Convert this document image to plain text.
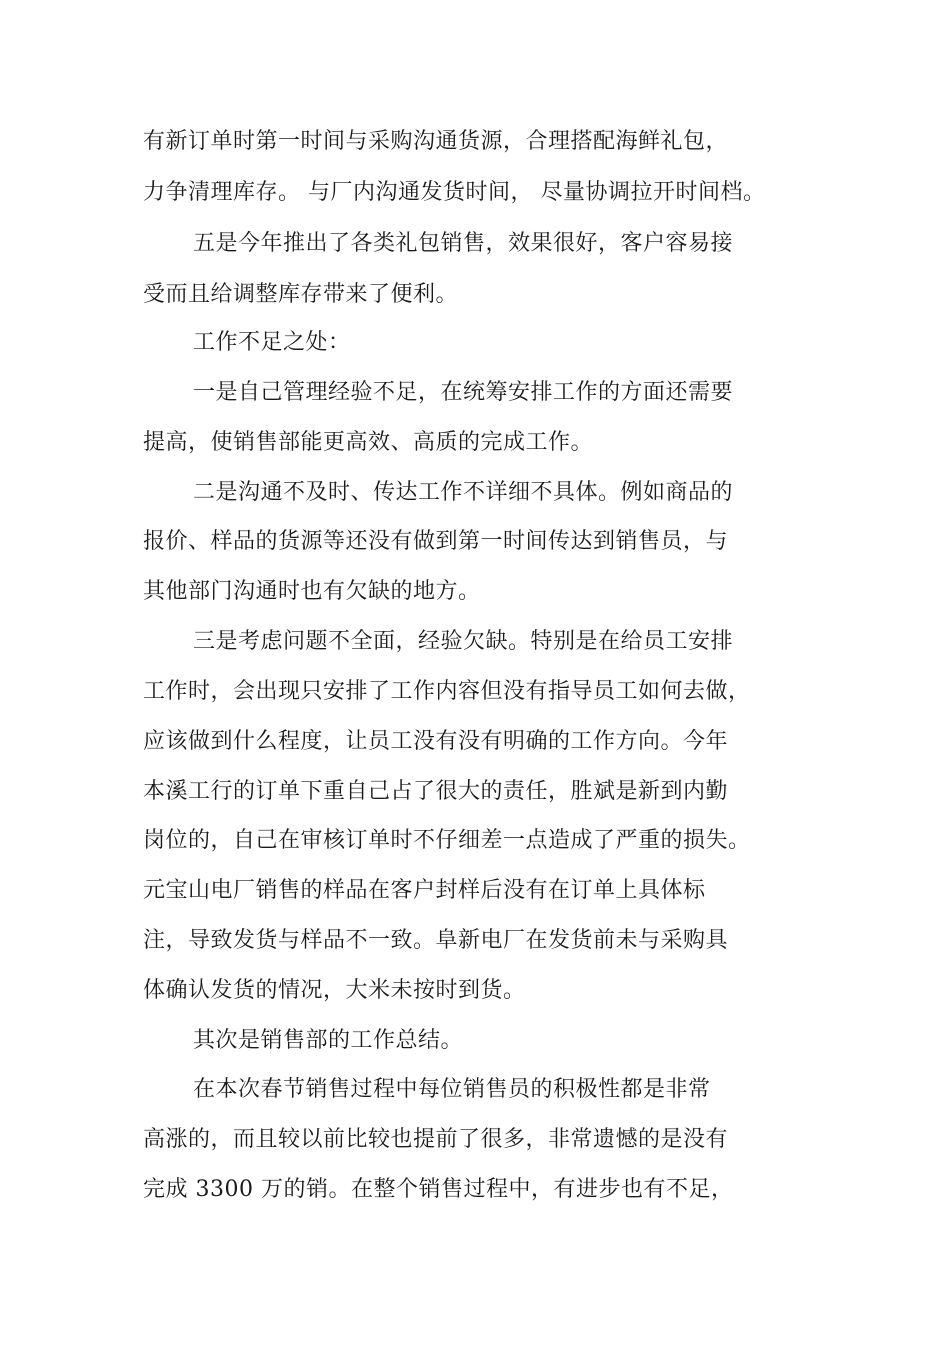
有新订单时第一时间与采购沟通货源，合理搭配海鲜礼包，
力争清理库存。 与厂内沟通发货时间， 尽量协调拉开时间档。
五是今年推出了各类礼包销售，效果很好，客户容易接
受而且给调整库存带来了便利。
工作不足之处：
一是自己管理经验不足，在统筹安排工作的方面还需要
提高，使销售部能更高效、高质的完成工作。
二是沟通不及时、传达工作不详细不具体。例如商品的
报价、样品的货源等还没有做到第一时间传达到销售员，与
其他部门沟通时也有欠缺的地方。
三是考虑问题不全面，经验欠缺。特别是在给员工安排
工作时，会出现只安排了工作内容但没有指导员工如何去做，
应该做到什么程度，让员工没有没有明确的工作方向。今年
本溪工行的订单下重自己占了很大的责任，胜斌是新到内勤
岗位的，自己在审核订单时不仔细差一点造成了严重的损失。
元宝山电厂销售的样品在客户封样后没有在订单上具体标
注，导致发货与样品不一致。阜新电厂在发货前未与采购具
体确认发货的情况，大米未按时到货。
其次是销售部的工作总结。
在本次春节销售过程中每位销售员的积极性都是非常
高涨的，而且较以前比较也提前了很多，非常遗憾的是没有
完成 3300 万的销。在整个销售过程中，有进步也有不足，
